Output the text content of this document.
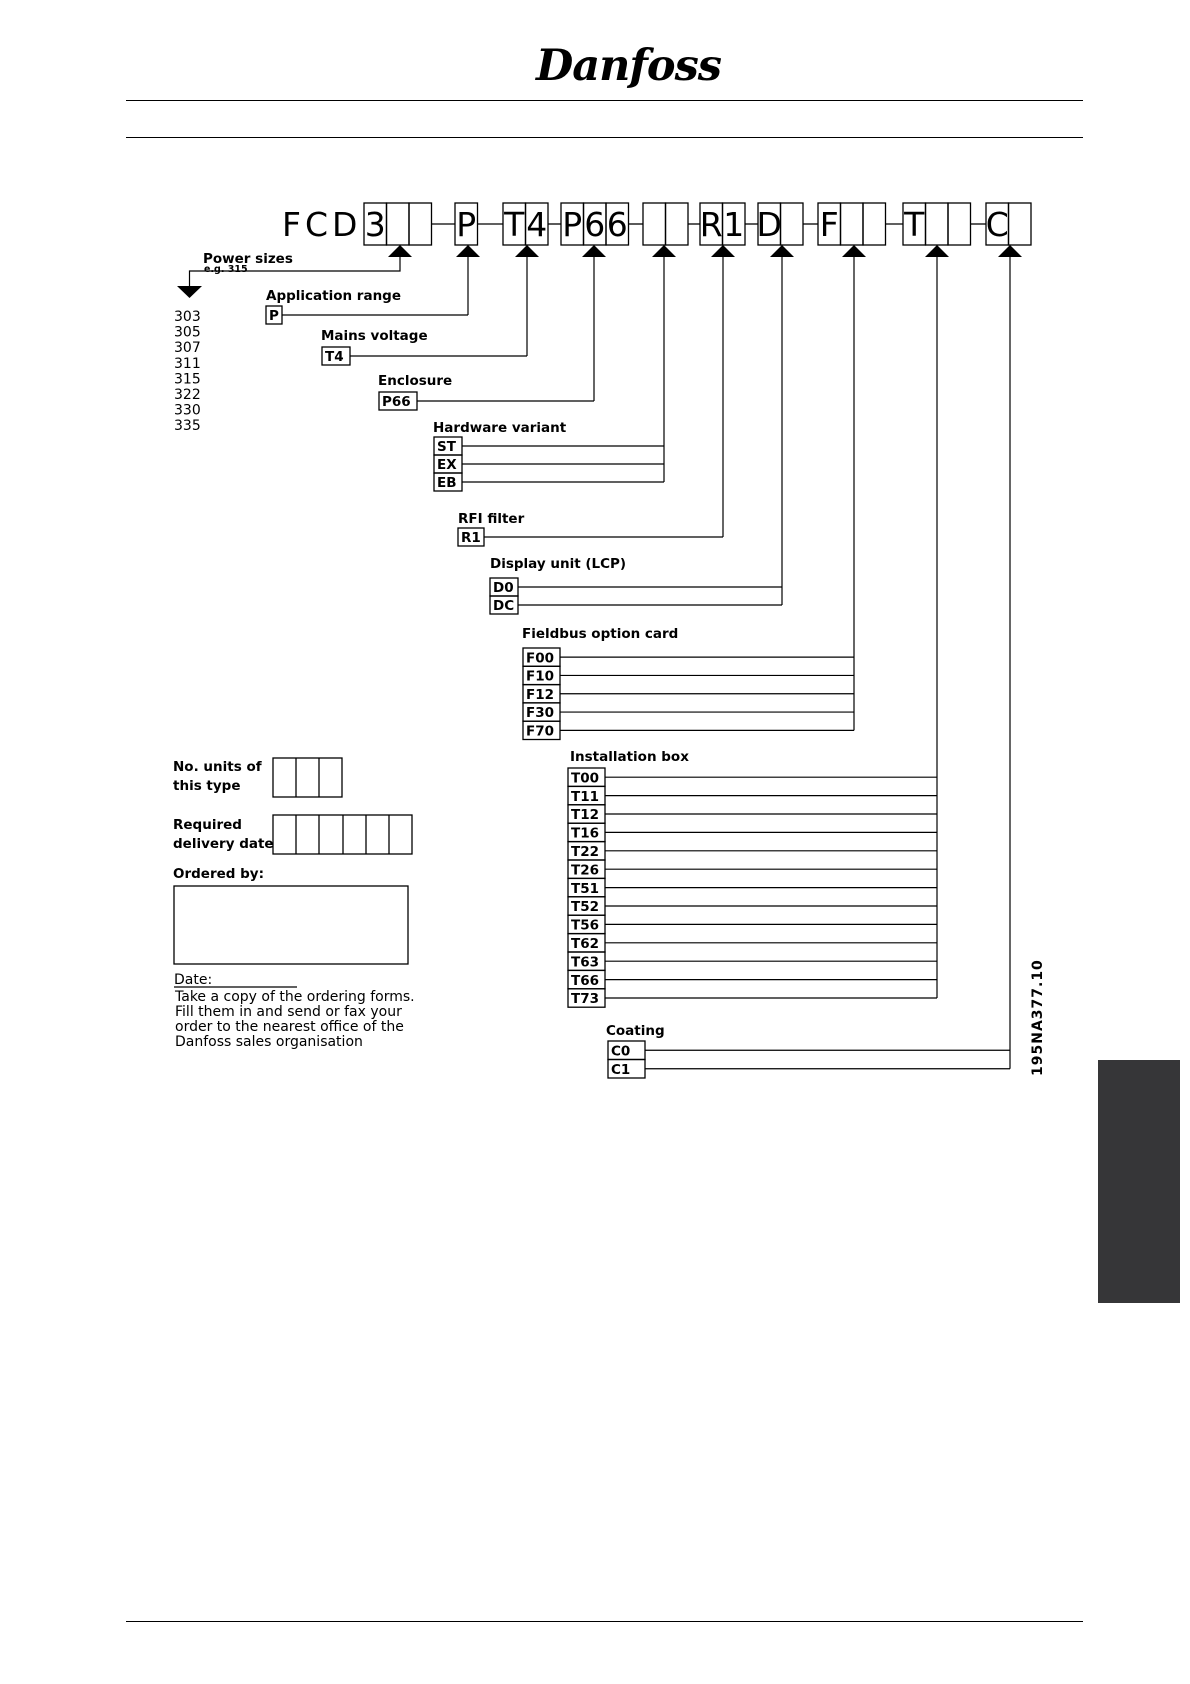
Danfoss
FCD 3 P T 4 P 6 6 R 1 D F T C
Power sizes
e.g. 315
303
305
307
311
315
322
330
335
Application range
P
Mains voltage
T4
Enclosure
P66
Hardware variant
ST
EX
EB
RFI filter
R1
Display unit (LCP)
D0
DC
Fieldbus option card
F00
F10
F12
F30
F70
Installation box
T00
T11
T12
T16
T22
T26
T51
T52
T56
T62
T63
T66
T73
Coating
C0
C1
No. units of
this type
Required
delivery date
Ordered by:
Date:
Take a copy of the ordering forms.
Fill them in and send or fax your
order to the nearest office of the
Danfoss sales organisation	195NA377.10
